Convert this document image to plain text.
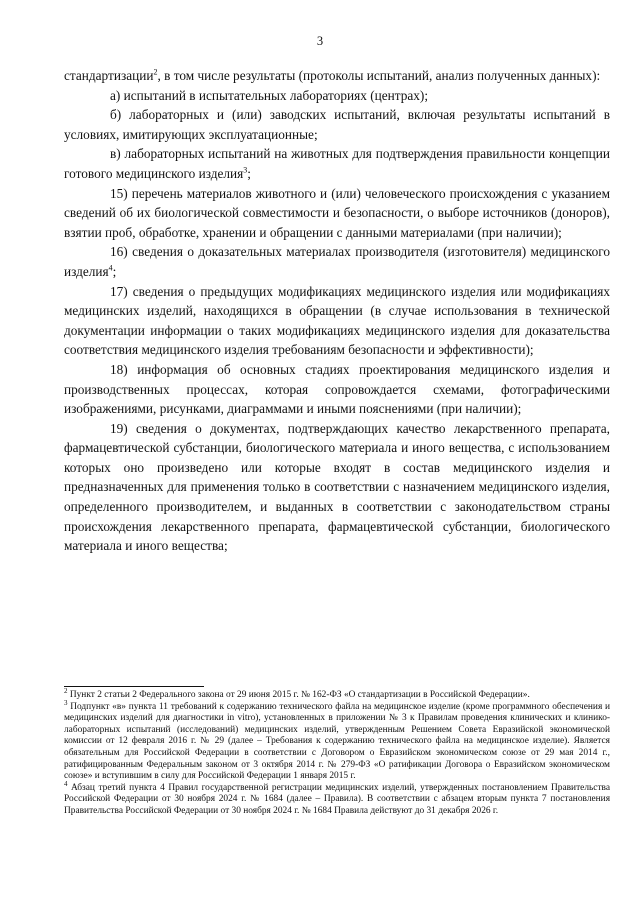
3

стандартизации$^2$, в том числе результаты (протоколы испытаний, анализ полученных данных):

а) испытаний в испытательных лабораториях (центрах);

б) лабораторных и (или) заводских испытаний, включая результаты испытаний в условиях, имитирующих эксплуатационные;

в) лабораторных испытаний на животных для подтверждения правильности концепции готового медицинского изделия$^3$;

15) перечень материалов животного и (или) человеческого происхождения с указанием сведений об их биологической совместимости и безопасности, о выборе источников (доноров), взятии проб, обработке, хранении и обращении с данными материалами (при наличии);

16) сведения о доказательных материалах производителя (изготовителя) медицинского изделия$^4$;

17) сведения о предыдущих модификациях медицинского изделия или модификациях медицинских изделий, находящихся в обращении (в случае использования в технической документации информации о таких модификациях медицинского изделия для доказательства соответствия медицинского изделия требованиям безопасности и эффективности);

18) информация об основных стадиях проектирования медицинского изделия и производственных процессах, которая сопровождается схемами, фотографическими изображениями, рисунками, диаграммами и иными пояснениями (при наличии);

19) сведения о документах, подтверждающих качество лекарственного препарата, фармацевтической субстанции, биологического материала и иного вещества, с использованием которых оно произведено или которые входят в состав медицинского изделия и предназначенных для применения только в соответствии с назначением медицинского изделия, определенного производителем, и выданных в соответствии с законодательством страны происхождения лекарственного препарата, фармацевтической субстанции, биологического материала и иного вещества;

$^2$ Пункт 2 статьи 2 Федерального закона от 29 июня 2015 г. № 162-ФЗ «О стандартизации в Российской Федерации».

$^3$ Подпункт «в» пункта 11 требований к содержанию технического файла на медицинское изделие (кроме программного обеспечения и медицинских изделий для диагностики in vitro), установленных в приложении № 3 к Правилам проведения клинических и клинико-лабораторных испытаний (исследований) медицинских изделий, утвержденным Решением Совета Евразийской экономической комиссии от 12 февраля 2016 г. № 29 (далее – Требования к содержанию технического файла на медицинское изделие). Является обязательным для Российской Федерации в соответствии с Договором о Евразийском экономическом союзе от 29 мая 2014 г., ратифицированным Федеральным законом от 3 октября 2014 г. № 279-ФЗ «О ратификации Договора о Евразийском экономическом союзе» и вступившим в силу для Российской Федерации 1 января 2015 г.

$^4$ Абзац третий пункта 4 Правил государственной регистрации медицинских изделий, утвержденных постановлением Правительства Российской Федерации от 30 ноября 2024 г. № 1684 (далее – Правила). В соответствии с абзацем вторым пункта 7 постановления Правительства Российской Федерации от 30 ноября 2024 г. № 1684 Правила действуют до 31 декабря 2026 г.
